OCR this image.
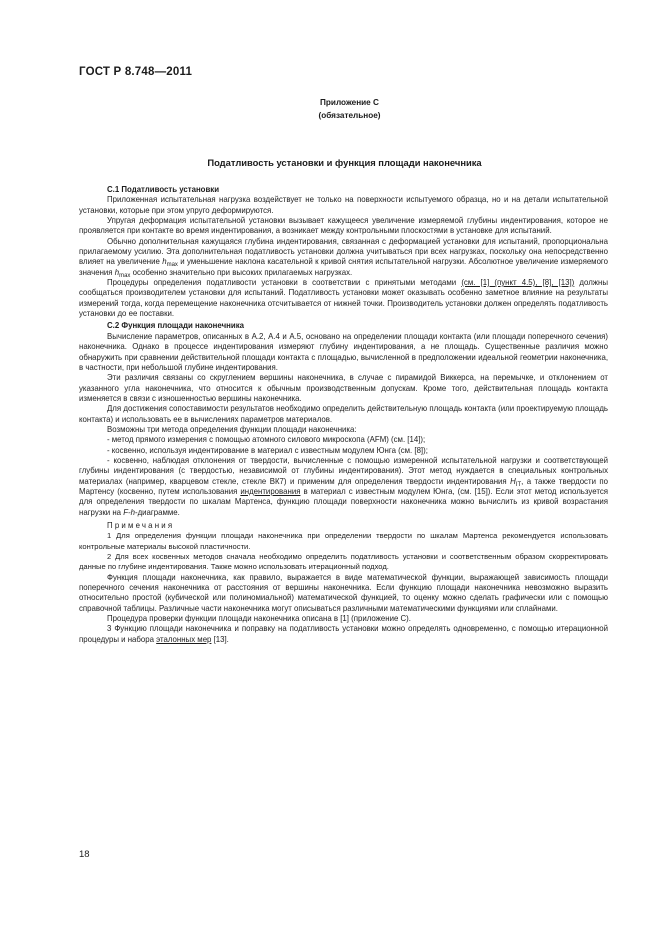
ГОСТ Р 8.748—2011
Приложение С
(обязательное)
Податливость установки и функция площади наконечника

С.1 Податливость установки

Приложенная испытательная нагрузка воздействует не только на поверхности испытуемого образца, но и на детали испытательной установки, которые при этом упруго деформируются.

Упругая деформация испытательной установки вызывает кажущееся увеличение измеряемой глубины индентирования, которое не проявляется при контакте во время индентирования, а возникает между контрольными плоскостями в установке для испытаний.

Обычно дополнительная кажущаяся глубина индентирования, связанная с деформацией установки для испытаний, пропорциональна прилагаемому усилию. Эта дополнительная податливость установки должна учитываться при всех нагрузках, поскольку она непосредственно влияет на увеличение $h_{max}$ и уменьшение наклона касательной к кривой снятия испытательной нагрузки. Абсолютное увеличение измеряемого значения $h_{max}$ особенно значительно при высоких прилагаемых нагрузках.

Процедуры определения податливости установки в соответствии с принятыми методами (см. [1] (пункт 4.5), [8], [13]) должны сообщаться производителем установки для испытаний. Податливость установки может оказывать особенно заметное влияние на результаты измерений тогда, когда перемещение наконечника отсчитывается от нижней точки. Производитель установки должен определять податливость установки до ее поставки.

С.2 Функция площади наконечника

Вычисление параметров, описанных в А.2, А.4 и А.5, основано на определении площади контакта (или площади поперечного сечения) наконечника. Однако в процессе индентирования измеряют глубину индентирования, а не площадь. Существенные различия можно обнаружить при сравнении действительной площади контакта с площадью, вычисленной в предположении идеальной геометрии наконечника, в частности, при небольшой глубине индентирования.

Эти различия связаны со скруглением вершины наконечника, в случае с пирамидой Виккерса, на перемычке, и отклонением от указанного угла наконечника, что относится к обычным производственным допускам. Кроме того, действительная площадь контакта изменяется в связи с изношенностью вершины наконечника.

Для достижения сопоставимости результатов необходимо определить действительную площадь контакта (или проектируемую площадь контакта) и использовать ее в вычислениях параметров материалов.

Возможны три метода определения функции площади наконечника:

- метод прямого измерения с помощью атомного силового микроскопа (AFM) (см. [14]);

- косвенно, используя индентирование в материал с известным модулем Юнга (см. [8]);

- косвенно, наблюдая отклонения от твердости, вычисленные с помощью измеренной испытательной нагрузки и соответствующей глубины индентирования (с твердостью, независимой от глубины индентирования). Этот метод нуждается в специальных контрольных материалах (например, кварцевом стекле, стекле ВК7) и применим для определения твердости индентирования $H_{IT}$, а также твердости по Мартенсу (косвенно, путем использования индентирования в материал с известным модулем Юнга, (см. [15]). Если этот метод используется для определения твердости по шкалам Мартенса, функцию площади поверхности наконечника можно вычислить из кривой возрастания нагрузки на F-h-диаграмме.

Примечания

1 Для определения функции площади наконечника при определении твердости по шкалам Мартенса рекомендуется использовать контрольные материалы высокой пластичности.

2 Для всех косвенных методов сначала необходимо определить податливость установки и соответственным образом скорректировать данные по глубине индентирования. Также можно использовать итерационный подход.

Функция площади наконечника, как правило, выражается в виде математической функции, выражающей зависимость площади поперечного сечения наконечника от расстояния от вершины наконечника. Если функцию площади наконечника невозможно выразить относительно простой (кубической или полиномиальной) математической функцией, то оценку можно сделать графически или с помощью справочной таблицы. Различные части наконечника могут описываться различными математическими функциями или сплайнами.

Процедура проверки функции площади наконечника описана в [1] (приложение С).

3 Функцию площади наконечника и поправку на податливость установки можно определять одновременно, с помощью итерационной процедуры и набора эталонных мер [13].

18
